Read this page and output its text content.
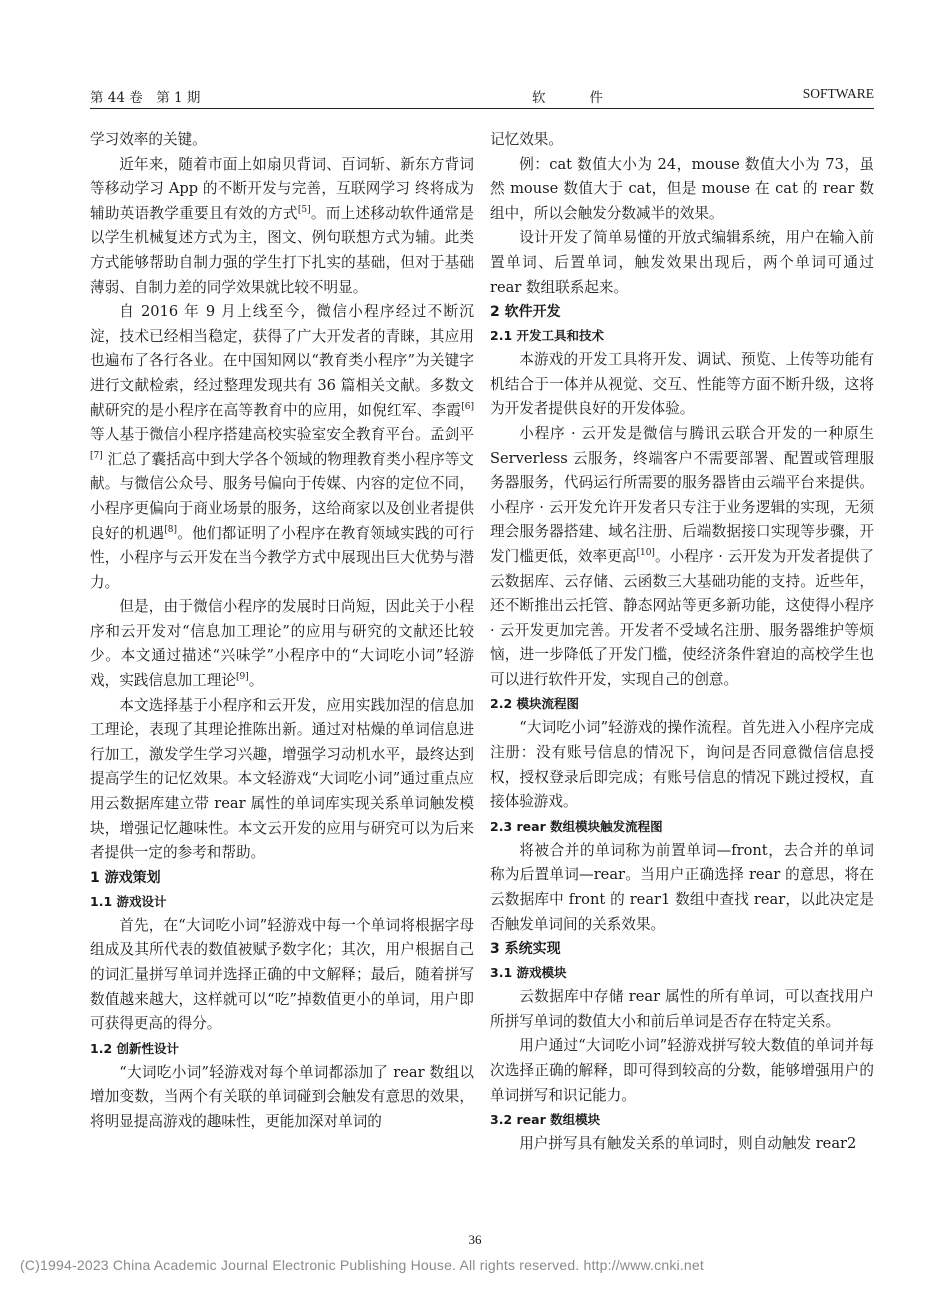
第 44 卷　第 1 期	软件	SOFTWARE

学习效率的关键。

近年来，随着市面上如扇贝背词、百词斩、新东方背词等移动学习 App 的不断开发与完善，互联网学习 终将成为辅助英语教学重要且有效的方式[5]。而上述移动软件通常是以学生机械复述方式为主，图文、例句联想方式为辅。此类方式能够帮助自制力强的学生打下扎实的基础，但对于基础薄弱、自制力差的同学效果就比较不明显。

自 2016 年 9 月上线至今，微信小程序经过不断沉淀，技术已经相当稳定，获得了广大开发者的青睐，其应用也遍布了各行各业。在中国知网以“教育类小程序”为关键字进行文献检索，经过整理发现共有 36 篇相关文献。多数文献研究的是小程序在高等教育中的应用，如倪红军、李霞[6] 等人基于微信小程序搭建高校实验室安全教育平台。孟剑平[7] 汇总了囊括高中到大学各个领域的物理教育类小程序等文献。与微信公众号、服务号偏向于传媒、内容的定位不同，小程序更偏向于商业场景的服务，这给商家以及创业者提供良好的机遇[8]。他们都证明了小程序在教育领域实践的可行性，小程序与云开发在当今教学方式中展现出巨大优势与潜力。

但是，由于微信小程序的发展时日尚短，因此关于小程序和云开发对“信息加工理论”的应用与研究的文献还比较少。本文通过描述“兴味学”小程序中的“大词吃小词”轻游戏，实践信息加工理论[9]。

本文选择基于小程序和云开发，应用实践加涅的信息加工理论，表现了其理论推陈出新。通过对枯燥的单词信息进行加工，激发学生学习兴趣，增强学习动机水平，最终达到提高学生的记忆效果。本文轻游戏“大词吃小词”通过重点应用云数据库建立带 rear 属性的单词库实现关系单词触发模块，增强记忆趣味性。本文云开发的应用与研究可以为后来者提供一定的参考和帮助。

1 游戏策划
1.1 游戏设计

首先，在“大词吃小词”轻游戏中每一个单词将根据字母组成及其所代表的数值被赋予数字化；其次，用户根据自己的词汇量拼写单词并选择正确的中文解释；最后，随着拼写数值越来越大，这样就可以“吃”掉数值更小的单词，用户即可获得更高的得分。

1.2 创新性设计

“大词吃小词”轻游戏对每个单词都添加了 rear 数组以增加变数，当两个有关联的单词碰到会触发有意思的效果，将明显提高游戏的趣味性，更能加深对单词的

记忆效果。

例：cat 数值大小为 24，mouse 数值大小为 73，虽然 mouse 数值大于 cat，但是 mouse 在 cat 的 rear 数组中，所以会触发分数减半的效果。

设计开发了简单易懂的开放式编辑系统，用户在输入前置单词、后置单词，触发效果出现后，两个单词可通过 rear 数组联系起来。

2 软件开发
2.1 开发工具和技术

本游戏的开发工具将开发、调试、预览、上传等功能有机结合于一体并从视觉、交互、性能等方面不断升级，这将为开发者提供良好的开发体验。

小程序 · 云开发是微信与腾讯云联合开发的一种原生 Serverless 云服务，终端客户不需要部署、配置或管理服务器服务，代码运行所需要的服务器皆由云端平台来提供。小程序 · 云开发允许开发者只专注于业务逻辑的实现，无须理会服务器搭建、域名注册、后端数据接口实现等步骤，开发门槛更低，效率更高[10]。小程序 · 云开发为开发者提供了云数据库、云存储、云函数三大基础功能的支持。近些年，还不断推出云托管、静态网站等更多新功能，这使得小程序 · 云开发更加完善。开发者不受域名注册、服务器维护等烦恼，进一步降低了开发门槛，使经济条件窘迫的高校学生也可以进行软件开发，实现自己的创意。

2.2 模块流程图

“大词吃小词”轻游戏的操作流程。首先进入小程序完成注册：没有账号信息的情况下，询问是否同意微信信息授权，授权登录后即完成；有账号信息的情况下跳过授权，直接体验游戏。

2.3 rear 数组模块触发流程图

将被合并的单词称为前置单词—front，去合并的单词称为后置单词—rear。当用户正确选择 rear 的意思，将在云数据库中 front 的 rear1 数组中查找 rear，以此决定是否触发单词间的关系效果。

3 系统实现
3.1 游戏模块

云数据库中存储 rear 属性的所有单词，可以查找用户所拼写单词的数值大小和前后单词是否存在特定关系。

用户通过“大词吃小词”轻游戏拼写较大数值的单词并每次选择正确的解释，即可得到较高的分数，能够增强用户的单词拼写和识记能力。

3.2 rear 数组模块

用户拼写具有触发关系的单词时，则自动触发 rear2

36
(C)1994-2023 China Academic Journal Electronic Publishing House. All rights reserved. http://www.cnki.net
